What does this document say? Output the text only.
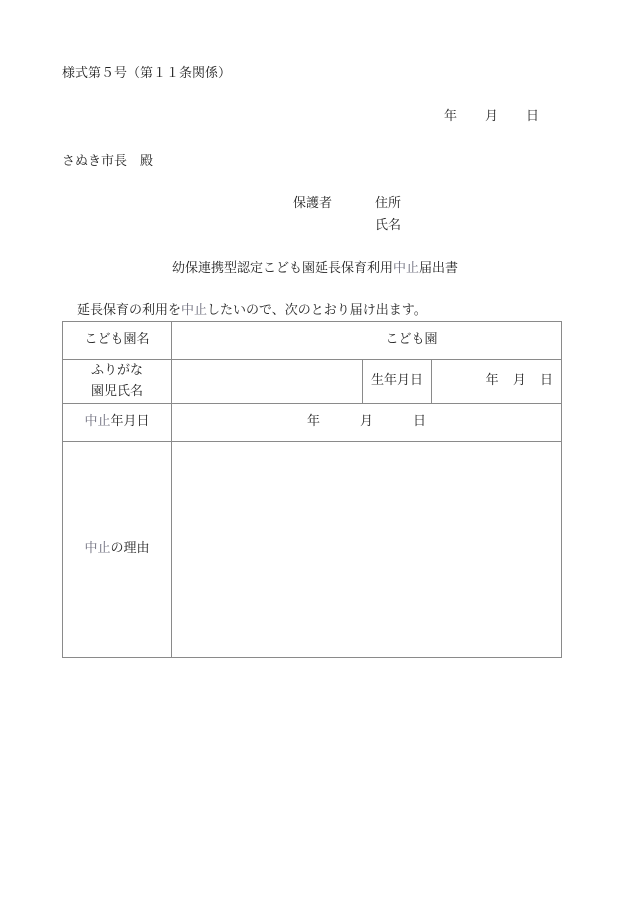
様式第５号（第１１条関係）
年 月 日
さぬき市長　殿
保護者	住所
氏名
幼保連携型認定こども園延長保育利用中止届出書
延長保育の利用を中止したいので、次のとおり届け出ます。
こども園名	こども園		

ふりがな
園児氏名		生年月日	年 月 日
中止年月日	年 月 日		
中止の理由			
